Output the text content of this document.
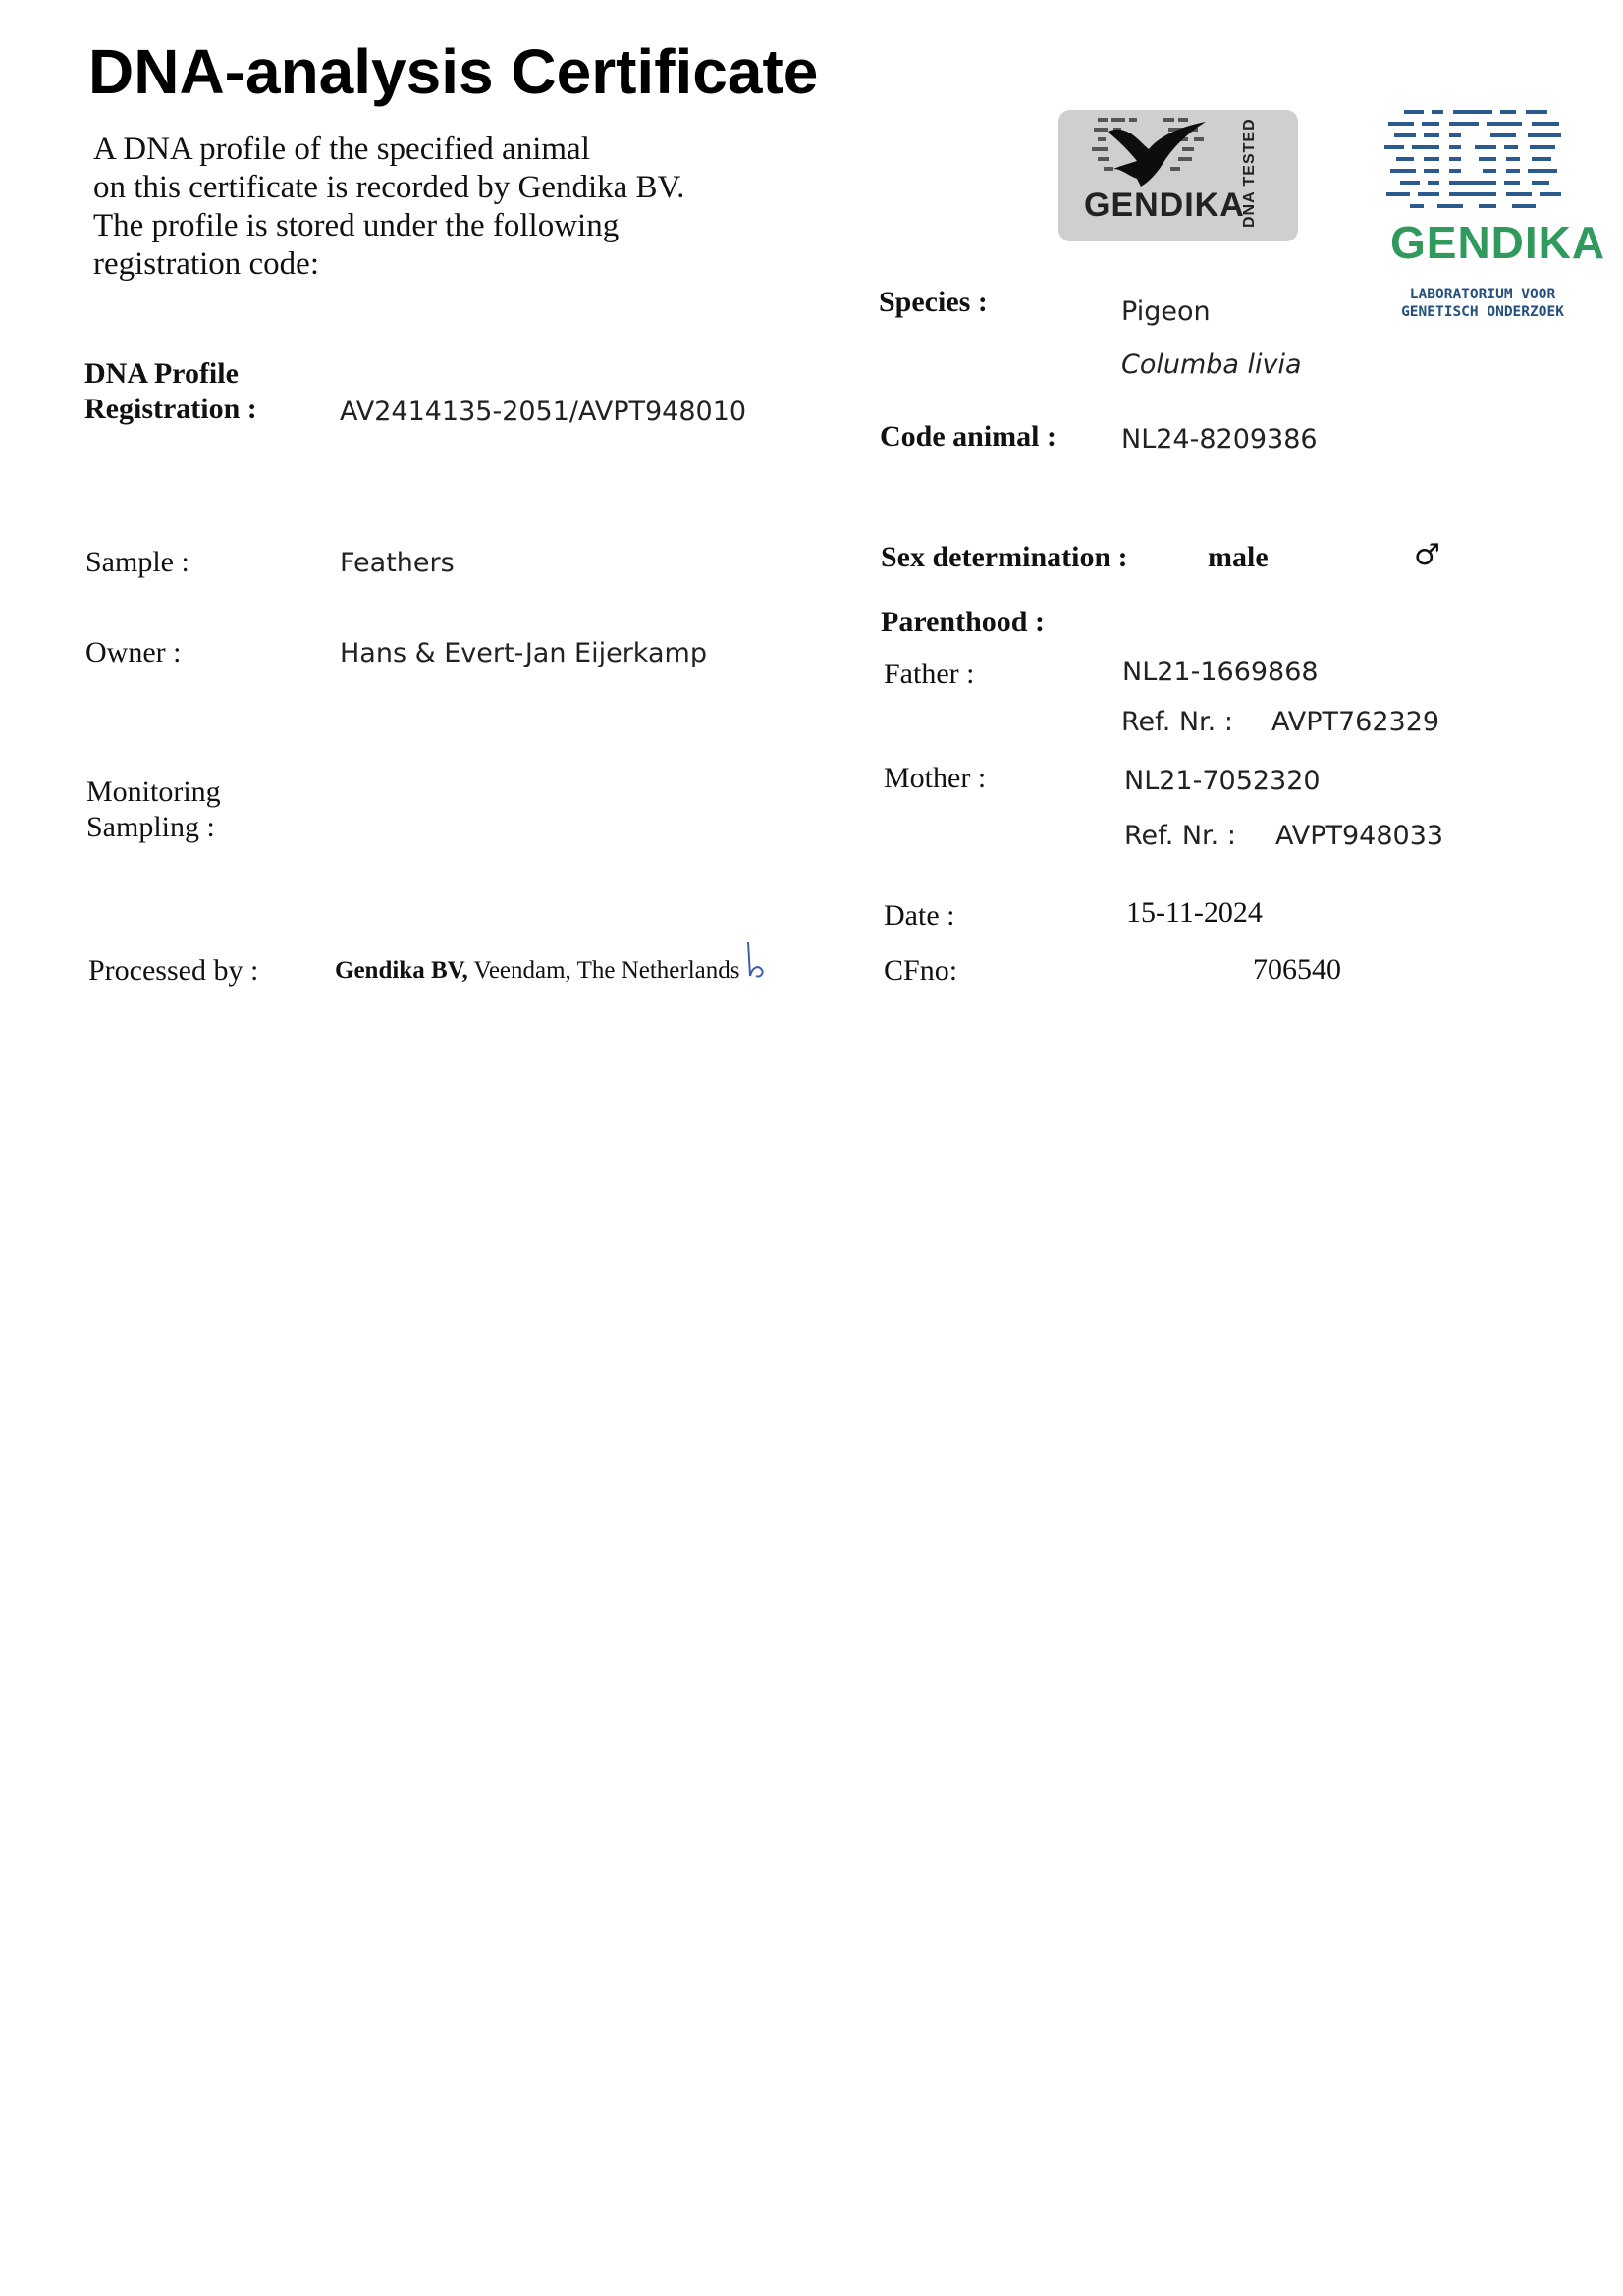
DNA-analysis Certificate
A DNA profile of the specified animal
on this certificate is recorded by Gendika BV.
The profile is stored under the following
registration code:
GENDIKA
DNA TESTED
GENDIKA
LABORATORIUM VOOR
GENETISCH ONDERZOEK
DNA Profile
Registration :	AV2414135-2051/AVPT948010
Sample :	Feathers
Owner :	Hans & Evert-Jan Eijerkamp
Monitoring
Sampling :
Processed by :	Gendika BV, Veendam, The Netherlands
Species :	Pigeon
Columba livia
Code animal : NL24-8209386
Sex determination :	male	♂
Parenthood :
Father :	NL21-1669868
Ref. Nr. : AVPT762329
Mother :	NL21-7052320
Ref. Nr. : AVPT948033
Date :	15-11-2024
CFno:	706540
